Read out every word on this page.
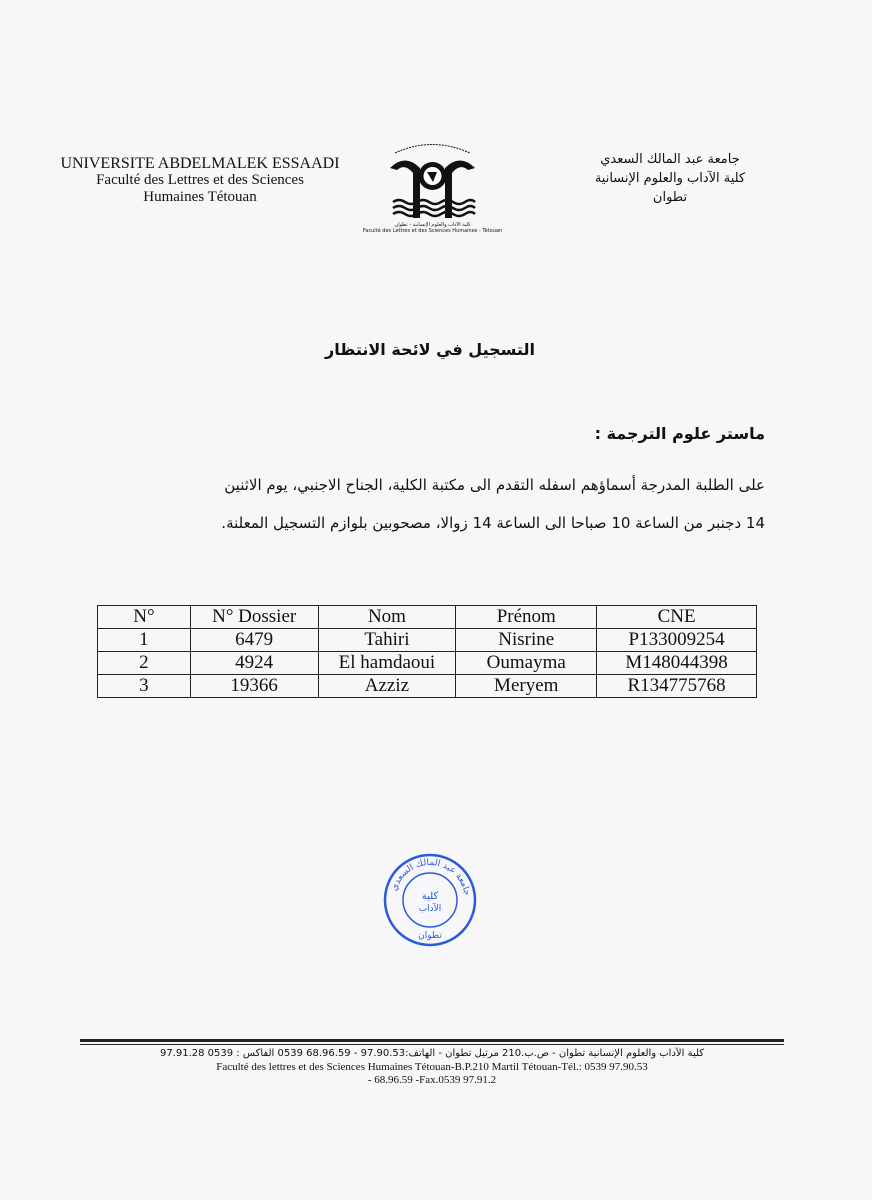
UNIVERSITE ABDELMALEK ESSAADI
Faculté des Lettres et des Sciences
Humaines Tétouan
كلية الآداب والعلوم الإنسانية - تطوان
Faculté des Lettres et des Sciences Humaines - Tétouan
جامعة عبد المالك السعدي
كلية الآداب والعلوم الإنسانية
تطوان
التسجيل في لائحة الانتظار
ماستر علوم الترجمة :
على الطلبة المدرجة أسماؤهم اسفله التقدم الى مكتبة الكلية، الجناح الاجنبي، يوم الاثنين
14 دجنبر من الساعة 10 صباحا الى الساعة 14 زوالا، مصحوبين بلوازم التسجيل المعلنة.
N°	N° Dossier	Nom	Prénom	CNE
1	6479	Tahiri	Nisrine	P133009254
2	4924	El hamdaoui	Oumayma	M148044398
3	19366	Azziz	Meryem	R134775768
جامعة عبد المالك السعدي
كلية
الآداب
تطوان
كلية الآداب والعلوم الإنسانية تطوان - ص.ب.210 مرتيل تطوان - الهاتف:97.90.53 - 68.96.59 0539 الفاكس : 0539 97.91.28
Faculté des lettres et des Sciences Humaines Tétouan-B.P.210 Martil Tétouan-Tél.: 0539 97.90.53
- 68.96.59 -Fax.0539 97.91.2
